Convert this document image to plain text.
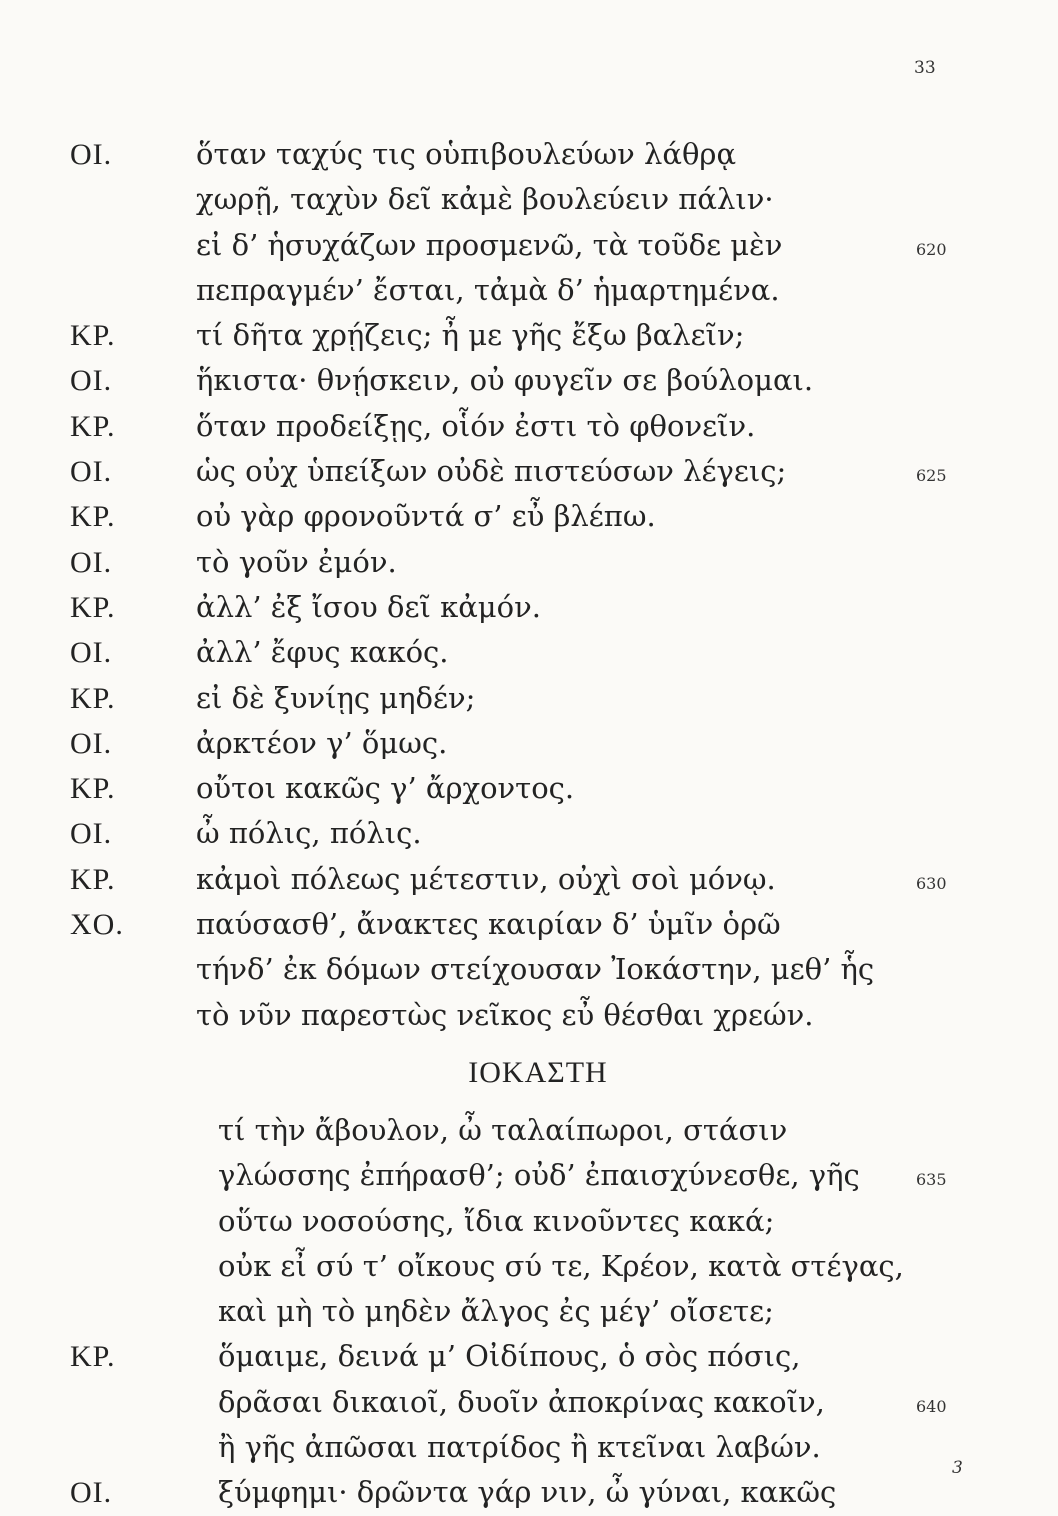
33
ΟΙ.	ὅταν ταχύς τις οὑπιβουλεύων λάθρᾳ
χωρῇ, ταχὺν δεῖ κἀμὲ βουλεύειν πάλιν·
εἰ δ’ ἡσυχάζων προσμενῶ, τὰ τοῦδε μὲν	620
πεπραγμέν’ ἔσται, τἀμὰ δ’ ἡμαρτημένα.
ΚΡ.	τί δῆτα χρῄζεις; ἦ με γῆς ἔξω βαλεῖν;
ΟΙ.	ἥκιστα· θνῄσκειν, οὐ φυγεῖν σε βούλομαι.
ΚΡ.	ὅταν προδείξῃς, οἷόν ἐστι τὸ φθονεῖν.
ΟΙ.	ὡς οὐχ ὑπείξων οὐδὲ πιστεύσων λέγεις;	625
ΚΡ.	οὐ γὰρ φρονοῦντά σ’ εὖ βλέπω.
ΟΙ.	τὸ γοῦν ἐμόν.
ΚΡ.	ἀλλ’ ἐξ ἴσου δεῖ κἀμόν.
ΟΙ.	ἀλλ’ ἔφυς κακός.
ΚΡ.	εἰ δὲ ξυνίῃς μηδέν;
ΟΙ.	ἀρκτέον γ’ ὅμως.
ΚΡ.	οὔτοι κακῶς γ’ ἄρχοντος.
ΟΙ.	ὦ πόλις, πόλις.
ΚΡ.	κἀμοὶ πόλεως μέτεστιν, οὐχὶ σοὶ μόνῳ.	630
ΧΟ. παύσασθ’, ἄνακτες καιρίαν δ’ ὑμῖν ὁρῶ
τήνδ’ ἐκ δόμων στείχουσαν Ἰοκάστην, μεθ’ ἧς
τὸ νῦν παρεστὼς νεῖκος εὖ θέσθαι χρεών.
ΙΟΚΑΣΤΗ
τί τὴν ἄβουλον, ὦ ταλαίπωροι, στάσιν
γλώσσης ἐπήρασθ’; οὐδ’ ἐπαισχύνεσθε, γῆς	635
οὕτω νοσούσης, ἴδια κινοῦντες κακά;
οὐκ εἶ σύ τ’ οἴκους σύ τε, Κρέον, κατὰ στέγας,
καὶ μὴ τὸ μηδὲν ἄλγος ἐς μέγ’ οἴσετε;
ΚΡ.	ὅμαιμε, δεινά μ’ Οἰδίπους, ὁ σὸς πόσις,
δρᾶσαι δικαιοῖ, δυοῖν ἀποκρίνας κακοῖν,	640
ἢ γῆς ἀπῶσαι πατρίδος ἢ κτεῖναι λαβών.
ΟΙ.	ξύμφημι· δρῶντα γάρ νιν, ὦ γύναι, κακῶς
3
